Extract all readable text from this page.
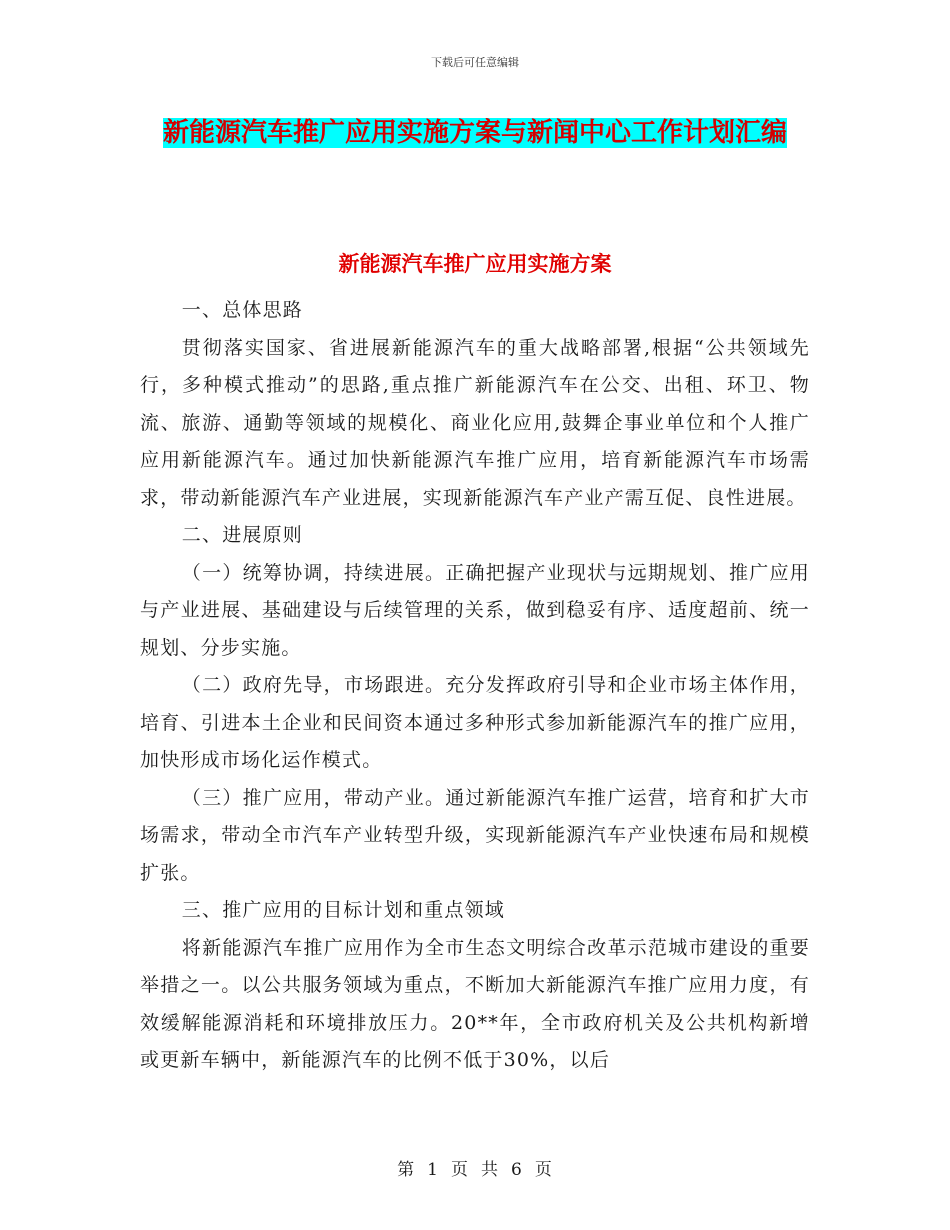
下载后可任意编辑
新能源汽车推广应用实施方案与新闻中心工作计划汇编
新能源汽车推广应用实施方案

一、总体思路

贯彻落实国家、省进展新能源汽车的重大战略部署,根据“公共领域先行，多种模式推动”的思路,重点推广新能源汽车在公交、出租、环卫、物流、旅游、通勤等领域的规模化、商业化应用,鼓舞企事业单位和个人推广应用新能源汽车。通过加快新能源汽车推广应用，培育新能源汽车市场需求，带动新能源汽车产业进展，实现新能源汽车产业产需互促、良性进展。

二、进展原则

（一）统筹协调，持续进展。正确把握产业现状与远期规划、推广应用与产业进展、基础建设与后续管理的关系，做到稳妥有序、适度超前、统一规划、分步实施。

（二）政府先导，市场跟进。充分发挥政府引导和企业市场主体作用，培育、引进本土企业和民间资本通过多种形式参加新能源汽车的推广应用，加快形成市场化运作模式。

（三）推广应用，带动产业。通过新能源汽车推广运营，培育和扩大市场需求，带动全市汽车产业转型升级，实现新能源汽车产业快速布局和规模扩张。

三、推广应用的目标计划和重点领域

将新能源汽车推广应用作为全市生态文明综合改革示范城市建设的重要举措之一。以公共服务领域为重点，不断加大新能源汽车推广应用力度，有效缓解能源消耗和环境排放压力。20**年，全市政府机关及公共机构新增或更新车辆中，新能源汽车的比例不低于30%，以后

第 1 页 共 6 页
